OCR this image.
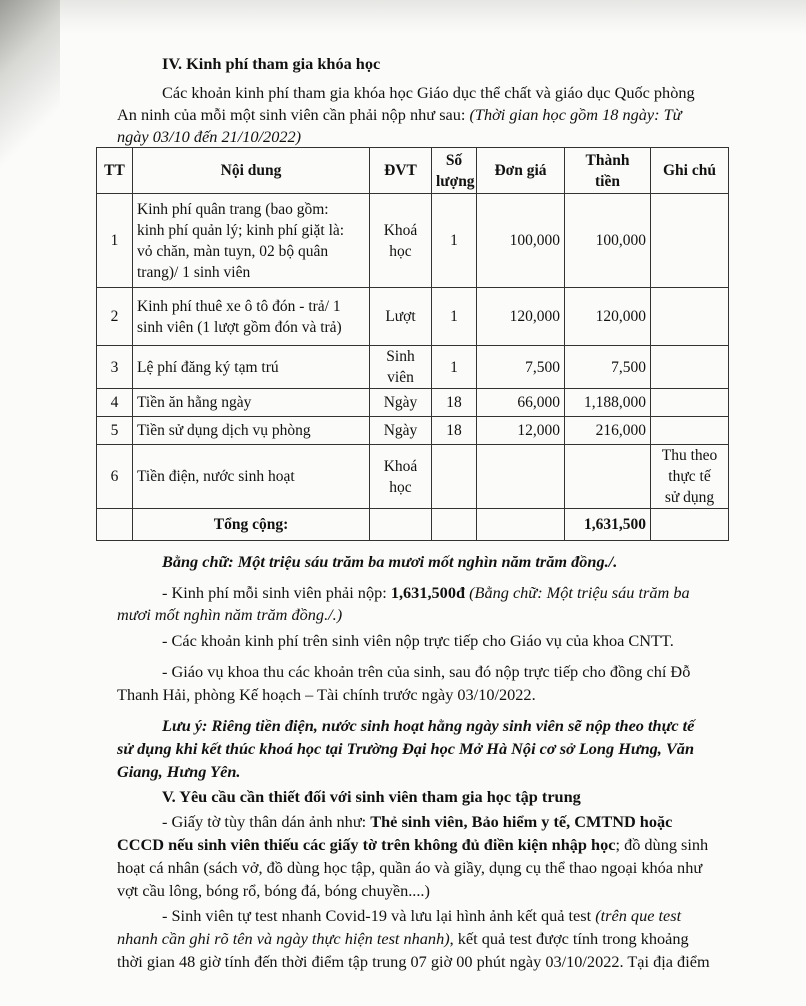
IV. Kinh phí tham gia khóa học
Các khoản kinh phí tham gia khóa học Giáo dục thể chất và giáo dục Quốc phòng
An ninh của mỗi một sinh viên cần phải nộp như sau: (Thời gian học gồm 18 ngày: Từ
ngày 03/10 đến 21/10/2022)
TT	Nội dung	ĐVT	Số
lượng	Đơn giá	Thành
tiền	Ghi chú
1	Kinh phí quân trang (bao gồm:
kinh phí quản lý; kinh phí giặt là:
vỏ chăn, màn tuyn, 02 bộ quân
trang)/ 1 sinh viên	Khoá
học	1	100,000	100,000	
2	Kinh phí thuê xe ô tô đón - trả/ 1
sinh viên (1 lượt gồm đón và trả)	Lượt	1	120,000	120,000	
3	Lệ phí đăng ký tạm trú	Sinh
viên	1	7,500	7,500	
4	Tiền ăn hằng ngày	Ngày	18	66,000	1,188,000	
5	Tiền sử dụng dịch vụ phòng	Ngày	18	12,000	216,000	
6	Tiền điện, nước sinh hoạt	Khoá
học				Thu theo
thực tế
sử dụng
	Tổng cộng:				1,631,500	
Bằng chữ: Một triệu sáu trăm ba mươi mốt nghìn năm trăm đồng./.
- Kinh phí mỗi sinh viên phải nộp: 1,631,500đ (Bằng chữ: Một triệu sáu trăm ba
mươi mốt nghìn năm trăm đồng./.)
- Các khoản kinh phí trên sinh viên nộp trực tiếp cho Giáo vụ của khoa CNTT.
- Giáo vụ khoa thu các khoản trên của sinh, sau đó nộp trực tiếp cho đồng chí Đỗ
Thanh Hải, phòng Kế hoạch – Tài chính trước ngày 03/10/2022.
Lưu ý: Riêng tiền điện, nước sinh hoạt hằng ngày sinh viên sẽ nộp theo thực tế
sử dụng khi kết thúc khoá học tại Trường Đại học Mở Hà Nội cơ sở Long Hưng, Văn
Giang, Hưng Yên.
V. Yêu cầu cần thiết đối với sinh viên tham gia học tập trung
- Giấy tờ tùy thân dán ảnh như: Thẻ sinh viên, Bảo hiểm y tế, CMTND hoặc
CCCD nếu sinh viên thiếu các giấy tờ trên không đủ điền kiện nhập học; đồ dùng sinh
hoạt cá nhân (sách vở, đồ dùng học tập, quần áo và giầy, dụng cụ thể thao ngoại khóa như
vợt cầu lông, bóng rổ, bóng đá, bóng chuyền....)
- Sinh viên tự test nhanh Covid-19 và lưu lại hình ảnh kết quả test (trên que test
nhanh cần ghi rõ tên và ngày thực hiện test nhanh), kết quả test được tính trong khoảng
thời gian 48 giờ tính đến thời điểm tập trung 07 giờ 00 phút ngày 03/10/2022. Tại địa điểm
